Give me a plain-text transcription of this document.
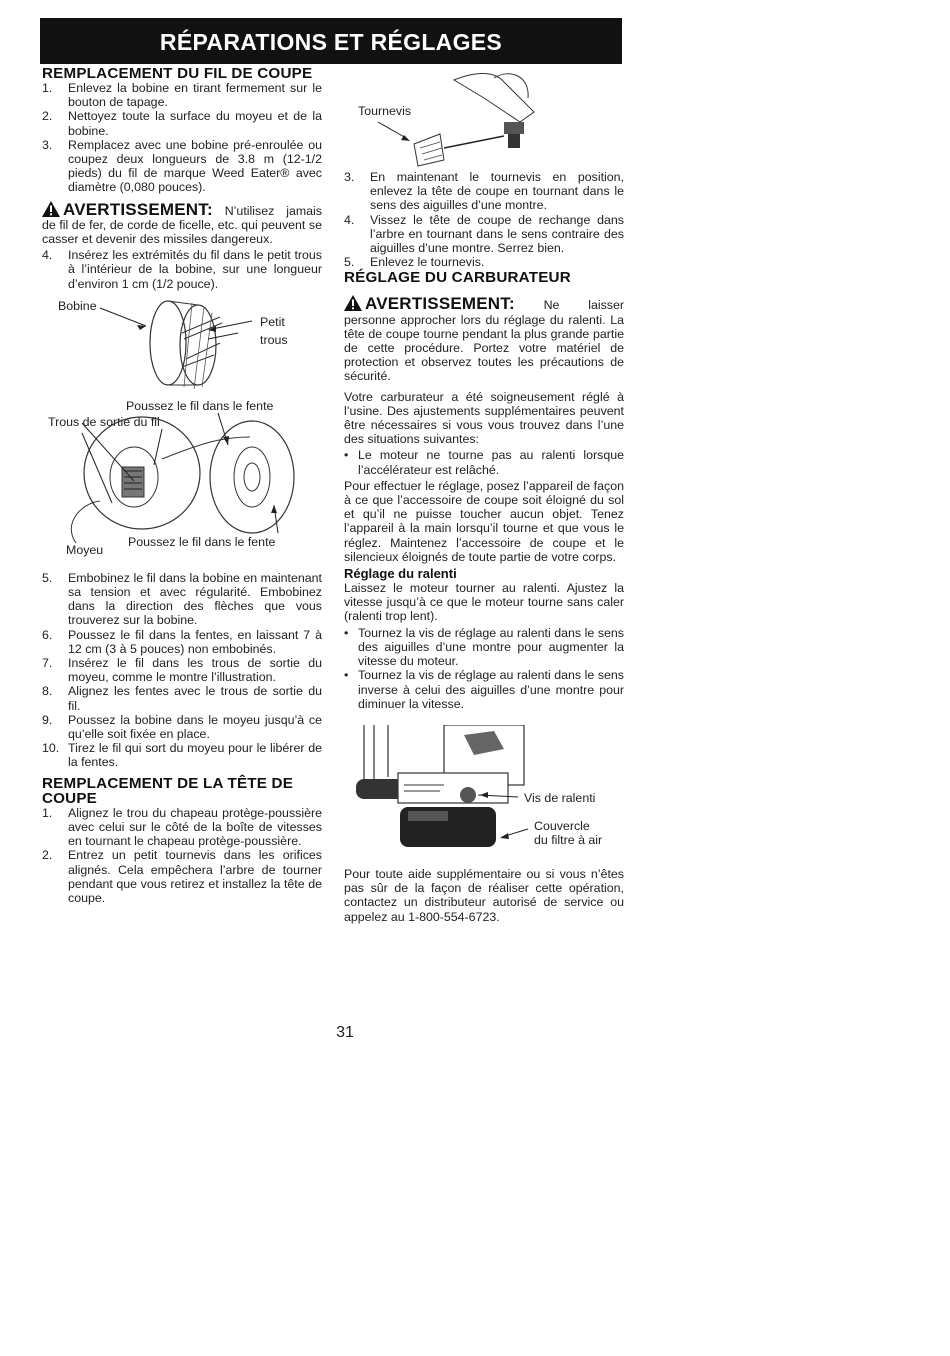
RÉPARATIONS ET RÉGLAGES
REMPLACEMENT DU FIL DE COUPE
1.	Enlevez la bobine en tirant fermement sur le bouton de tapage.
2.	Nettoyez toute la surface du moyeu et de la bobine.
3.	Remplacez avec une bobine pré-enroulée ou coupez deux longueurs de 3.8 m (12-1/2 pieds) du fil de marque Weed Eater® avec diamètre (0,080 pouces).
AVERTISSEMENT: N’utilisez jamais de fil de fer, de corde de ficelle, etc. qui peuvent se casser et devenir des missiles dangereux.
4.	Insérez les extrémités du fil dans le petit trous à l’intérieur de la bobine, sur une longueur d’environ 1 cm (1/2 pouce).
Bobine
Petit
trous
Poussez le fil dans le fente
Trous de sortie du fil
Moyeu
Poussez le fil dans le fente
5.	Embobinez le fil dans la bobine en maintenant sa tension et avec régularité. Embobinez dans la direction des flèches que vous trouverez sur la bobine.
6.	Poussez le fil dans la fentes, en laissant 7 à 12 cm (3 à 5 pouces) non embobinés.
7.	Insérez le fil dans les trous de sortie du moyeu, comme le montre l’illustration.
8.	Alignez les fentes avec le trous de sortie du fil.
9.	Poussez la bobine dans le moyeu jusqu’à ce qu’elle soit fixée en place.
10. Tirez le fil qui sort du moyeu pour le libérer de la fentes.
REMPLACEMENT DE LA TÊTE DE COUPE
1.	Alignez le trou du chapeau protège-poussière avec celui sur le côté de la boîte de vitesses en tournant le chapeau protège-poussière.
2.	Entrez un petit tournevis dans les orifices alignés. Cela empêchera l’arbre de tourner pendant que vous retirez et installez la tête de coupe.
Tournevis
3.	En maintenant le tournevis en position, enlevez la tête de coupe en tournant dans le sens des aiguilles d’une montre.
4.	Vissez le tête de coupe de rechange dans l’arbre en tournant dans le sens contraire des aiguilles d’une montre. Serrez bien.
5.	Enlevez le tournevis.
RÉGLAGE DU CARBURATEUR
AVERTISSEMENT: Ne laisser personne approcher lors du réglage du ralenti. La tête de coupe tourne pendant la plus grande partie de cette procédure. Portez votre matériel de protection et observez toutes les précautions de sécurité.

Votre carburateur a été soigneusement réglé à l’usine. Des ajustements supplémentaires peuvent être nécessaires si vous vous trouvez dans l’une des situations suivantes:

• Le moteur ne tourne pas au ralenti lorsque l’accélérateur est relâché.

Pour effectuer le réglage, posez l’appareil de façon à ce que l’accessoire de coupe soit éloigné du sol et qu’il ne puisse toucher aucun objet. Tenez l’appareil à la main lorsqu’il tourne et que vous le réglez. Maintenez l’accessoire de coupe et le silencieux éloignés de toute partie de votre corps.

Réglage du ralenti

Laissez le moteur tourner au ralenti. Ajustez la vitesse jusqu’à ce que le moteur tourne sans caler (ralenti trop lent).

• Tournez la vis de réglage au ralenti dans le sens des aiguilles d’une montre pour augmenter la vitesse du moteur.
• Tournez la vis de réglage au ralenti dans le sens inverse à celui des aiguilles d’une montre pour diminuer la vitesse.
Vis de ralenti
Couvercle
du filtre à air

Pour toute aide supplémentaire ou si vous n’êtes pas sûr de la façon de réaliser cette opération, contactez un distributeur autorisé de service ou appelez au 1-800-554-6723.

31
